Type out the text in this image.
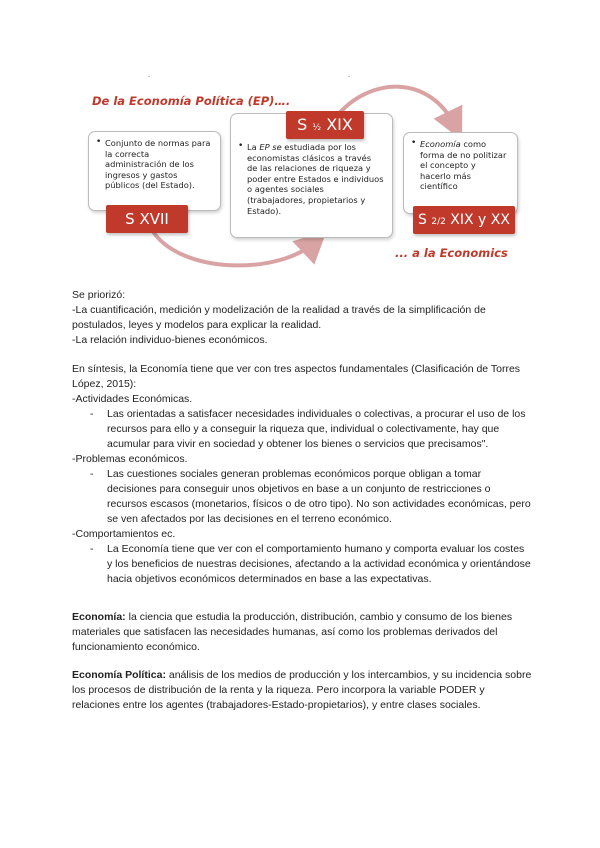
.	.
De la Economía Política (EP)….
• Conjunto de normas para la correcta administración de los ingresos y gastos públicos (del Estado).
S XVII
• La EP se estudiada por los economistas clásicos a través de las relaciones de riqueza y poder entre Estados e individuos o agentes sociales (trabajadores, propietarios y Estado).
S ½ XIX
• Economía como forma de no politizar el concepto y hacerlo más científico
S 2/2 XIX y XX
... a la Economics

Se priorizó:

-La cuantificación, medición y modelización de la realidad a través de la simplificación de postulados, leyes y modelos para explicar la realidad.

-La relación individuo-bienes económicos.

En síntesis, la Economía tiene que ver con tres aspectos fundamentales (Clasificación de Torres López, 2015):

-Actividades Económicas.

- Las orientadas a satisfacer necesidades individuales o colectivas, a procurar el uso de los recursos para ello y a conseguir la riqueza que, individual o colectivamente, hay que acumular para vivir en sociedad y obtener los bienes o servicios que precisamos".

-Problemas económicos.

- Las cuestiones sociales generan problemas económicos porque obligan a tomar decisiones para conseguir unos objetivos en base a un conjunto de restricciones o recursos escasos (monetarios, físicos o de otro tipo). No son actividades económicas, pero se ven afectados por las decisiones en el terreno económico.

-Comportamientos ec.

- La Economía tiene que ver con el comportamiento humano y comporta evaluar los costes y los beneficios de nuestras decisiones, afectando a la actividad económica y orientándose hacia objetivos económicos determinados en base a las expectativas.

Economía: la ciencia que estudia la producción, distribución, cambio y consumo de los bienes materiales que satisfacen las necesidades humanas, así como los problemas derivados del funcionamiento económico.

Economía Política: análisis de los medios de producción y los intercambios, y su incidencia sobre los procesos de distribución de la renta y la riqueza. Pero incorpora la variable PODER y relaciones entre los agentes (trabajadores-Estado-propietarios), y entre clases sociales.
